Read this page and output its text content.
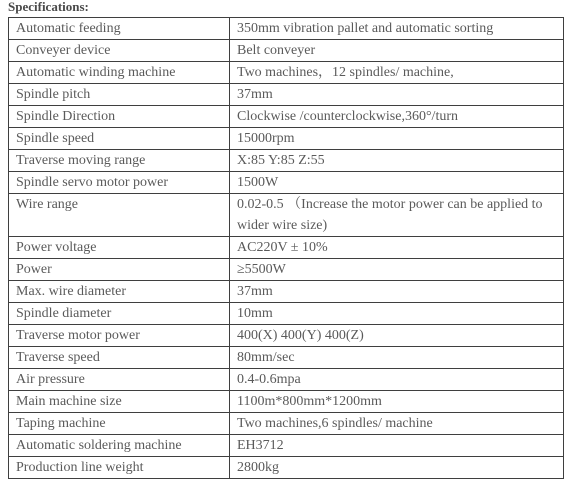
Specifications:
Automatic feeding	350mm vibration pallet and automatic sorting
Conveyer device	Belt conveyer
Automatic winding machine	Two machines，12 spindles/ machine,
Spindle pitch	37mm
Spindle Direction	Clockwise /counterclockwise,360°/turn
Spindle speed	15000rpm
Traverse moving range	X:85 Y:85 Z:55
Spindle servo motor power	1500W
Wire range	0.02-0.5 （Increase the motor power can be applied to wider wire size)
Power voltage	AC220V ± 10%
Power	≥5500W
Max. wire diameter	37mm
Spindle diameter	10mm
Traverse motor power	400(X) 400(Y) 400(Z)
Traverse speed	80mm/sec
Air pressure	0.4-0.6mpa
Main machine size	1100m*800mm*1200mm
Taping machine	Two machines,6 spindles/ machine
Automatic soldering machine	EH3712
Production line weight	2800kg
